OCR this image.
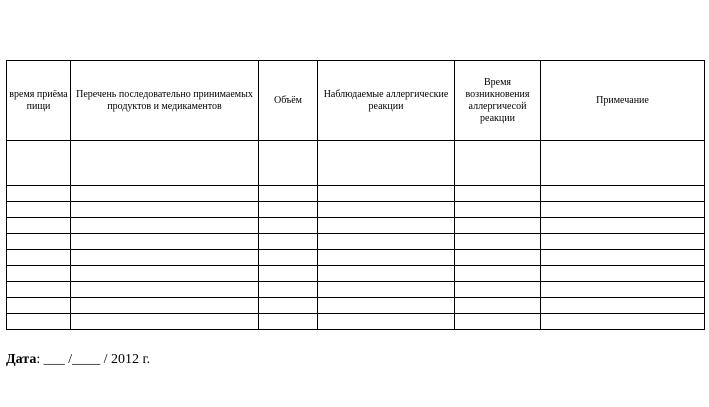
время приёма пищи	Перечень последовательно принимаемых продуктов и медикаментов	Объём	Наблюдаемые аллергические реакции	Время возникновения аллергичесой реакции	Примечание

Дата: ___ /____ / 2012 г.
